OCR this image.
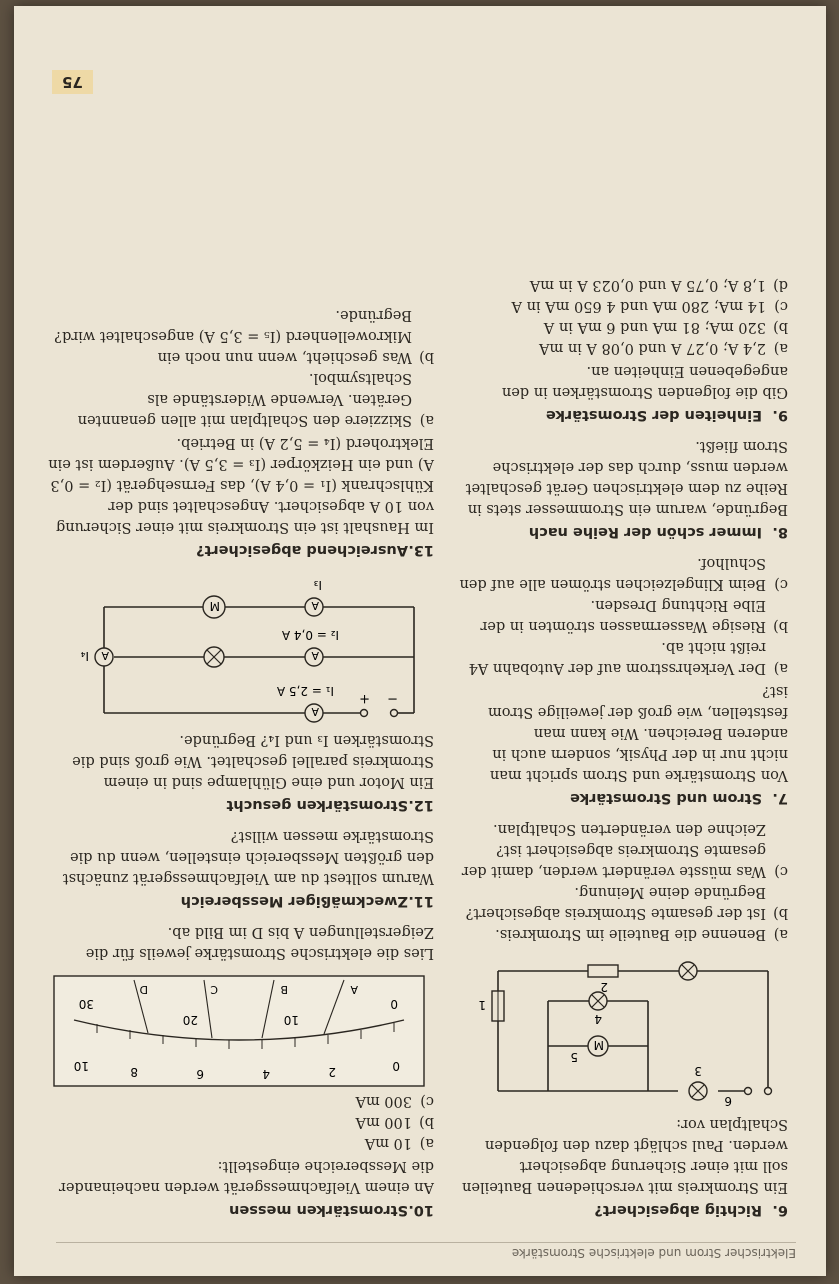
Elektrischer Strom und elektrische Stromstärke
6.Richtig abgesichert?

Ein Stromkreis mit verschiedenen Bauteilen soll mit einer Sicherung abgesichert werden. Paul schlägt dazu den folgenden Schaltplan vor:

6
3
M
5
4
2
1
a)
Benenne die Bauteile im Stromkreis.
b)
Ist der gesamte Stromkreis abgesichert? Begründe deine Meinung.
c)
Was müsste verändert werden, damit der gesamte Stromkreis abgesichert ist? Zeichne den veränderten Schaltplan.
7.Strom und Stromstärke

Von Stromstärke und Strom spricht man nicht nur in der Physik, sondern auch in anderen Bereichen. Wie kann man feststellen, wie groß der jeweilige Strom ist?

a)
Der Verkehrsstrom auf der Autobahn A4 reißt nicht ab.
b)
Riesige Wassermassen strömten in der Elbe Richtung Dresden.
c)
Beim Klingelzeichen strömen alle auf den Schulhof.
8.Immer schön der Reihe nach

Begründe, warum ein Strommesser stets in Reihe zu dem elektrischen Gerät geschaltet werden muss, durch das der elektrische Strom fließt.

9.Einheiten der Stromstärke

Gib die folgenden Stromstärken in den angegebenen Einheiten an.

a)
2,4 A; 0,27 A und 0,08 A in mA
b)
320 mA; 81 mA und 6 mA in A
c)
14 mA; 280 mA und 4 650 mA in A
d)
1,8 A; 0,75 A und 0,023 A in mA
10.Stromstärken messen

An einem Vielfachmessgerät werden nacheinander die Messbereiche eingestellt:

a)
10 mA
b)
100 mA
c)
300 mA
0
2
4
6
8
10
0
10
20
30
A
B
C
D

Lies die elektrische Stromstärke jeweils für die Zeigerstellungen A bis D im Bild ab.

11.Zweckmäßiger Messbereich

Warum solltest du am Vielfachmessgerät zunächst den größten Messbereich einstellen, wenn du die Stromstärke messen willst?

12.Stromstärken gesucht

Ein Motor und eine Glühlampe sind in einem Stromkreis parallel geschaltet. Wie groß sind die Stromstärken I₃ und I₄? Begründe.

−
+
A
I₁ = 2,5 A
A
I₄	A
I₂ = 0,4 A
A
I₃
M
13.Ausreichend abgesichert?

Im Haushalt ist ein Stromkreis mit einer Sicherung von 10 A abgesichert. Angeschaltet sind der Kühlschrank (I₁ = 0,4 A), das Fernsehgerät (I₂ = 0,3 A) und ein Heizkörper (I₃ = 3,5 A). Außerdem ist ein Elektroherd (I₄ = 5,2 A) in Betrieb.

a)
Skizziere den Schaltplan mit allen genannten Geräten. Verwende Widerstände als Schaltsymbol.
b)
Was geschieht, wenn nun noch ein Mikrowellenherd (I₅ = 3,5 A) angeschaltet wird? Begründe.
75
